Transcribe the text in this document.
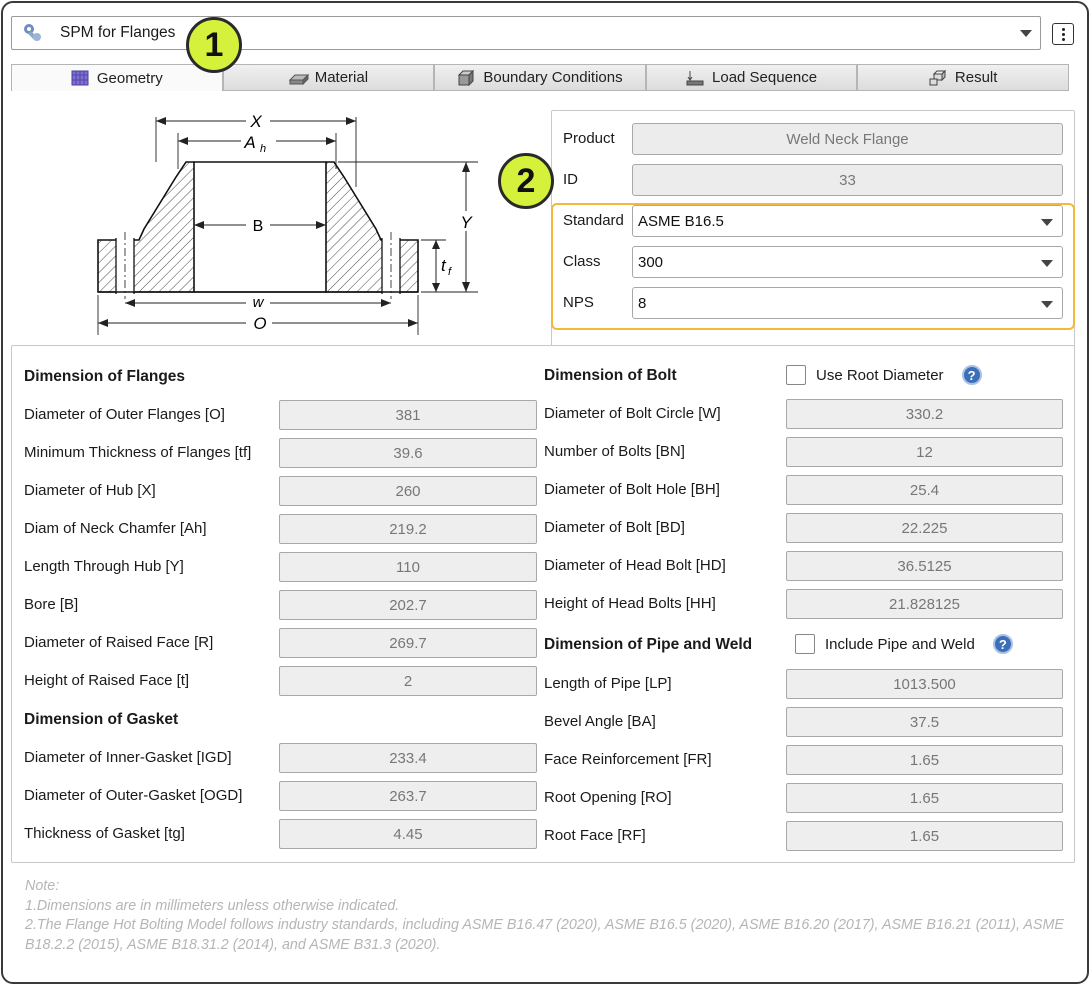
SPM for Flanges
Geometry	Material	Boundary Conditions	Load Sequence	Result
1
X
A h
B	Y
t f
w
O
Product	Weld Neck Flange
ID	33
Standard ASME B16.5
Class 300
NPS	8
2
Dimension of Flanges
Diameter of Outer Flanges [O]	381
Minimum Thickness of Flanges [tf]	39.6
Diameter of Hub [X]	260
Diam of Neck Chamfer [Ah]	219.2
Length Through Hub [Y]	110
Bore [B]	202.7
Diameter of Raised Face [R]	269.7
Height of Raised Face [t]	2
Dimension of Gasket
Diameter of Inner-Gasket [IGD]	233.4
Diameter of Outer-Gasket [OGD]	263.7
Thickness of Gasket [tg]	4.45
Dimension of Bolt	Use Root Diameter	?
Diameter of Bolt Circle [W]	330.2
Number of Bolts [BN]	12
Diameter of Bolt Hole [BH]	25.4
Diameter of Bolt [BD]	22.225
Diameter of Head Bolt [HD]	36.5125
Height of Head Bolts [HH]	21.828125
Dimension of Pipe and Weld	Include Pipe and Weld	?
Length of Pipe [LP]	1013.500
Bevel Angle [BA]	37.5
Face Reinforcement [FR]	1.65
Root Opening [RO]	1.65
Root Face [RF]	1.65
Note:
1.Dimensions are in millimeters unless otherwise indicated.
2.The Flange Hot Bolting Model follows industry standards, including ASME B16.47 (2020), ASME B16.5 (2020), ASME B16.20 (2017), ASME B16.21 (2011), ASME B18.2.2 (2015), ASME B18.31.2 (2014), and ASME B31.3 (2020).
